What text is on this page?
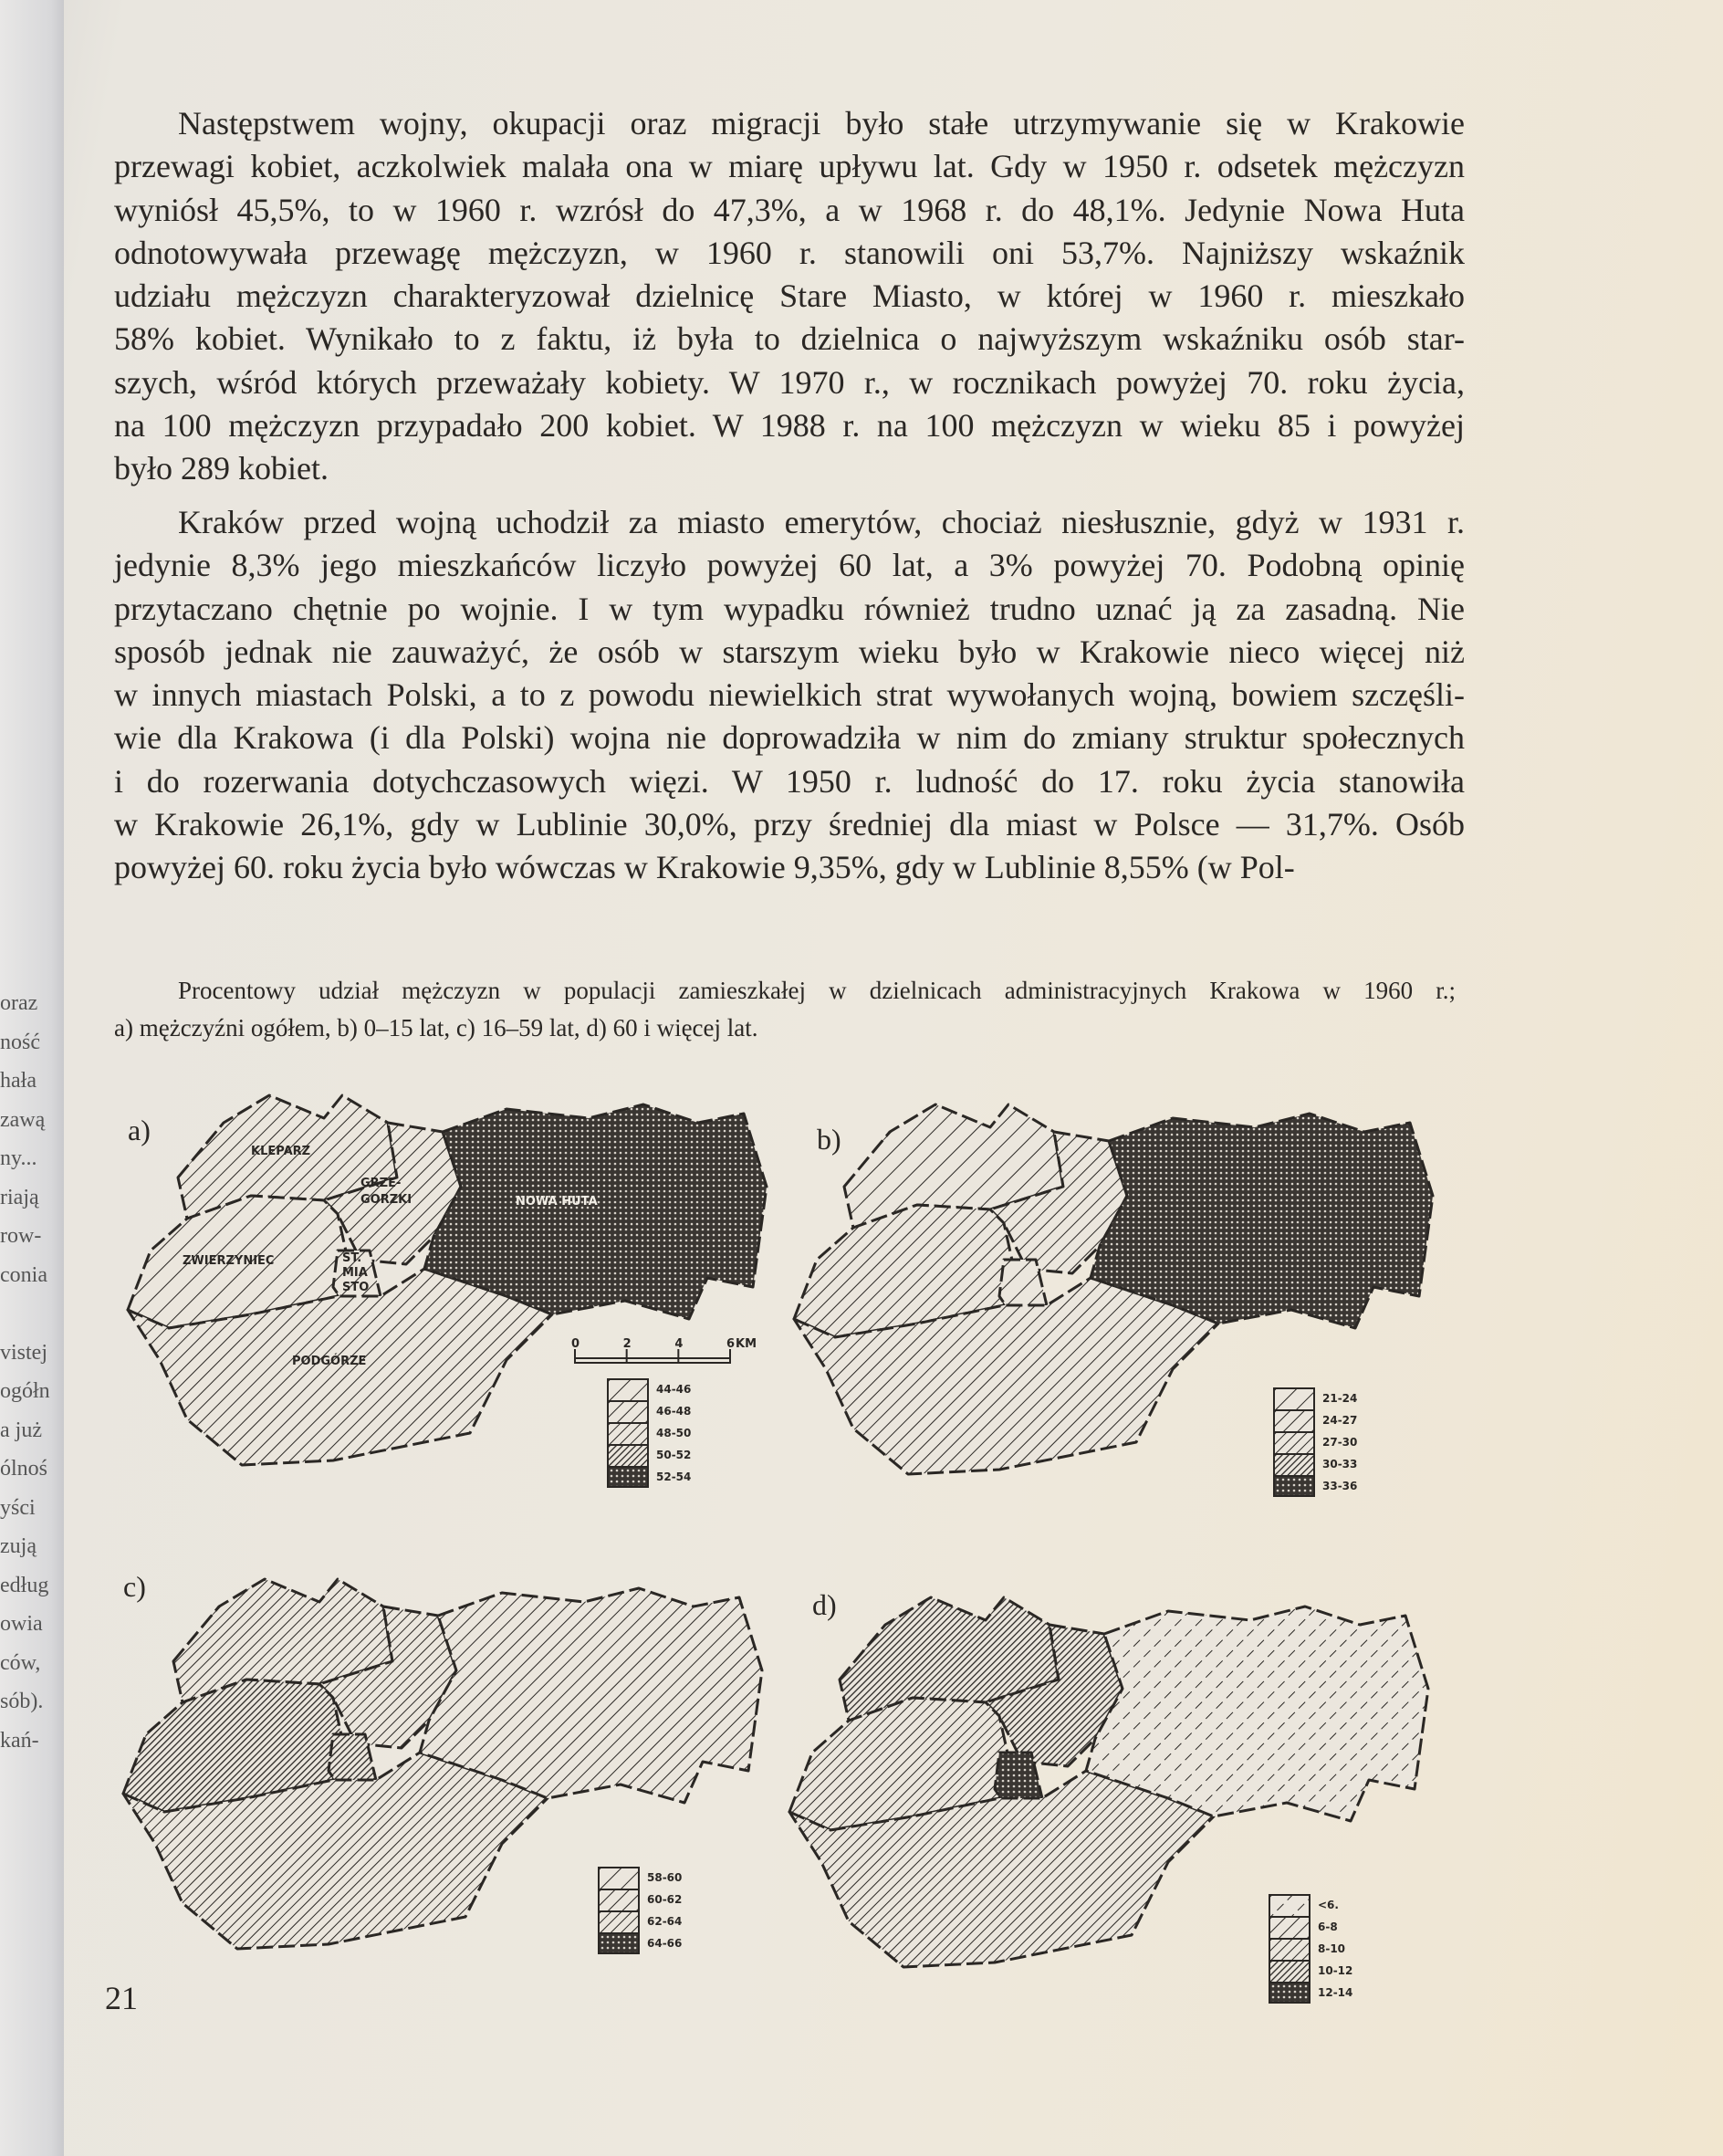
oraz
ność
hała
zawą
ny...
riają
row-
conia
vistej
ogółn
a już
ólnoś
yści
zują
edług
owia
ców,
sób).
kań-

Następstwem wojny, okupacji oraz migracji było stałe utrzymywanie się w Krakowie
przewagi kobiet, aczkolwiek malała ona w miarę upływu lat. Gdy w 1950 r. odsetek mężczyzn
wyniósł 45,5%, to w 1960 r. wzrósł do 47,3%, a w 1968 r. do 48,1%. Jedynie Nowa Huta
odnotowywała przewagę mężczyzn, w 1960 r. stanowili oni 53,7%. Najniższy wskaźnik
udziału mężczyzn charakteryzował dzielnicę Stare Miasto, w której w 1960 r. mieszkało
58% kobiet. Wynikało to z faktu, iż była to dzielnica o najwyższym wskaźniku osób star-
szych, wśród których przeważały kobiety. W 1970 r., w rocznikach powyżej 70. roku życia,
na 100 mężczyzn przypadało 200 kobiet. W 1988 r. na 100 mężczyzn w wieku 85 i powyżej
było 289 kobiet.

Kraków przed wojną uchodził za miasto emerytów, chociaż niesłusznie, gdyż w 1931 r.
jedynie 8,3% jego mieszkańców liczyło powyżej 60 lat, a 3% powyżej 70. Podobną opinię
przytaczano chętnie po wojnie. I w tym wypadku również trudno uznać ją za zasadną. Nie
sposób jednak nie zauważyć, że osób w starszym wieku było w Krakowie nieco więcej niż
w innych miastach Polski, a to z powodu niewielkich strat wywołanych wojną, bowiem szczęśli-
wie dla Krakowa (i dla Polski) wojna nie doprowadziła w nim do zmiany struktur społecznych
i do rozerwania dotychczasowych więzi. W 1950 r. ludność do 17. roku życia stanowiła
w Krakowie 26,1%, gdy w Lublinie 30,0%, przy średniej dla miast w Polsce — 31,7%. Osób
powyżej 60. roku życia było wówczas w Krakowie 9,35%, gdy w Lublinie 8,55% (w Pol-

Procentowy udział mężczyzn w populacji zamieszkałej w dzielnicach administracyjnych Krakowa w 1960 r.;
a) mężczyźni ogółem, b) 0–15 lat, c) 16–59 lat, d) 60 i więcej lat.
KLEPARZ
GRZE-
GORZKI
ZWIERZYNIEC	ST.
MIA
STO
PODGÓRZE
NOWA HUTA
0	2	4	6 KM
a)
44-46
46-48
48-50
50-52
52-54
b)
21-24
24-27
27-30
30-33
33-36
c)
58-60
60-62
62-64
64-66
d)
<6.
6-8
8-10
10-12
12-14
21
